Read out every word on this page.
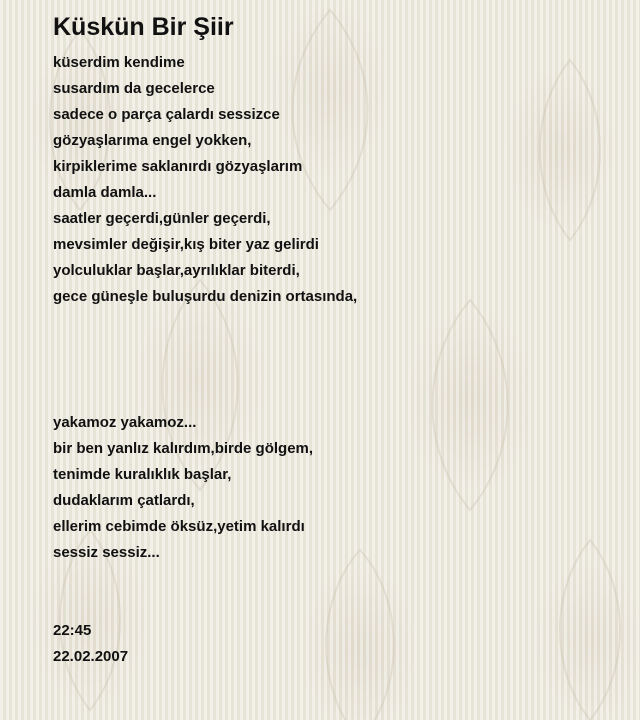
Küskün Bir Şiir
küserdim kendime
susardım da gecelerce
sadece o parça çalardı sessizce
gözyaşlarıma engel yokken,
kirpiklerime saklanırdı gözyaşlarım
damla damla...
saatler geçerdi,günler geçerdi,
mevsimler değişir,kış biter yaz gelirdi
yolculuklar başlar,ayrılıklar biterdi,
gece güneşle buluşurdu denizin ortasında,
yakamoz yakamoz...
bir ben yanlız kalırdım,birde gölgem,
tenimde kuralıklık başlar,
dudaklarım çatlardı,
ellerim cebimde öksüz,yetim kalırdı
sessiz sessiz...
22:45
22.02.2007
